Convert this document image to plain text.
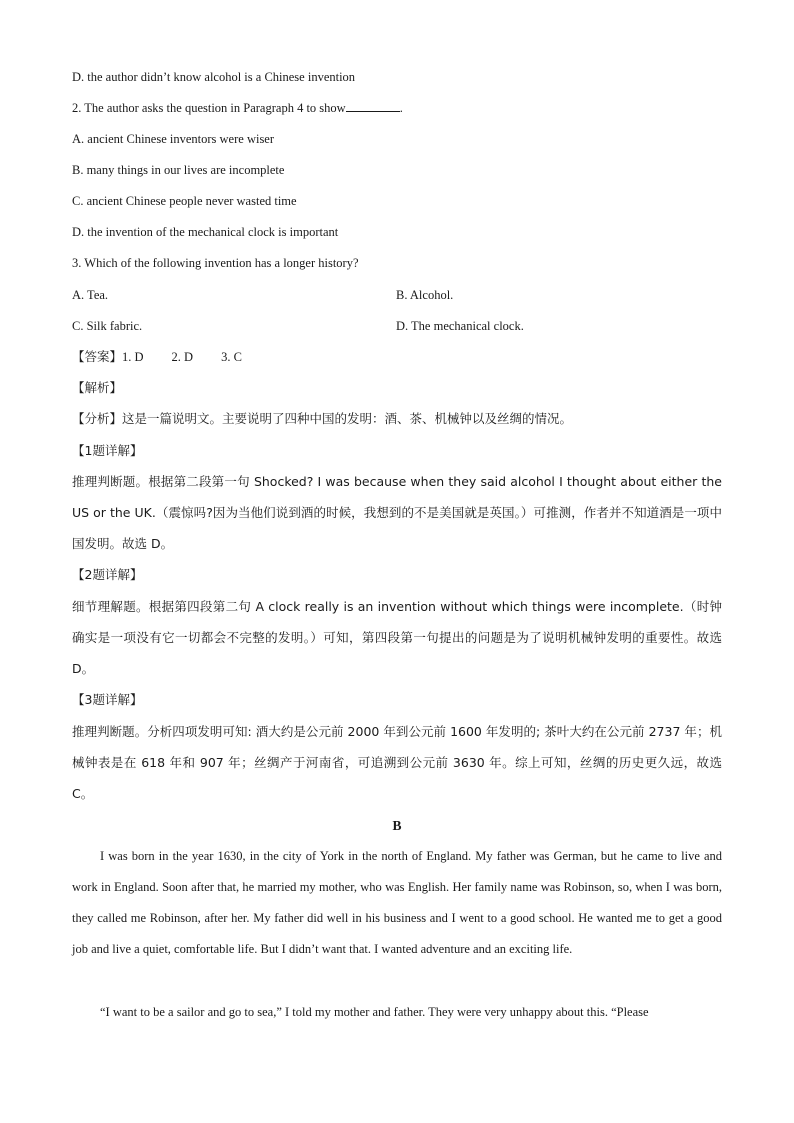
D. the author didn’t know alcohol is a Chinese invention
2. The author asks the question in Paragraph 4 to show	.
A. ancient Chinese inventors were wiser
B. many things in our lives are incomplete
C. ancient Chinese people never wasted time
D. the invention of the mechanical clock is important
3. Which of the following invention has a longer history?
A. Tea.	B. Alcohol.
C. Silk fabric.	D. The mechanical clock.
【答案】1. D 2. D 3. C
【解析】
【分析】这是一篇说明文。主要说明了四种中国的发明：酒、茶、机械钟以及丝绸的情况。
【1题详解】
推理判断题。根据第二段第一句 Shocked? I was because when they said alcohol I thought about either the US or the UK.（震惊吗?因为当他们说到酒的时候，我想到的不是美国就是英国。）可推测，作者并不知道酒是一项中国发明。故选 D。
【2题详解】
细节理解题。根据第四段第二句 A clock really is an invention without which things were incomplete.（时钟确实是一项没有它一切都会不完整的发明。）可知，第四段第一句提出的问题是为了说明机械钟发明的重要性。故选 D。
【3题详解】
推理判断题。分析四项发明可知: 酒大约是公元前 2000 年到公元前 1600 年发明的; 茶叶大约在公元前 2737 年；机械钟表是在 618 年和 907 年；丝绸产于河南省，可追溯到公元前 3630 年。综上可知，丝绸的历史更久远，故选 C。
B
I was born in the year 1630, in the city of York in the north of England. My father was German, but he came to live and work in England. Soon after that, he married my mother, who was English. Her family name was Robinson, so, when I was born, they called me Robinson, after her. My father did well in his business and I went to a good school. He wanted me to get a good job and live a quiet, comfortable life. But I didn’t want that. I wanted adventure and an exciting life.
“I want to be a sailor and go to sea,” I told my mother and father. They were very unhappy about this. “Please
